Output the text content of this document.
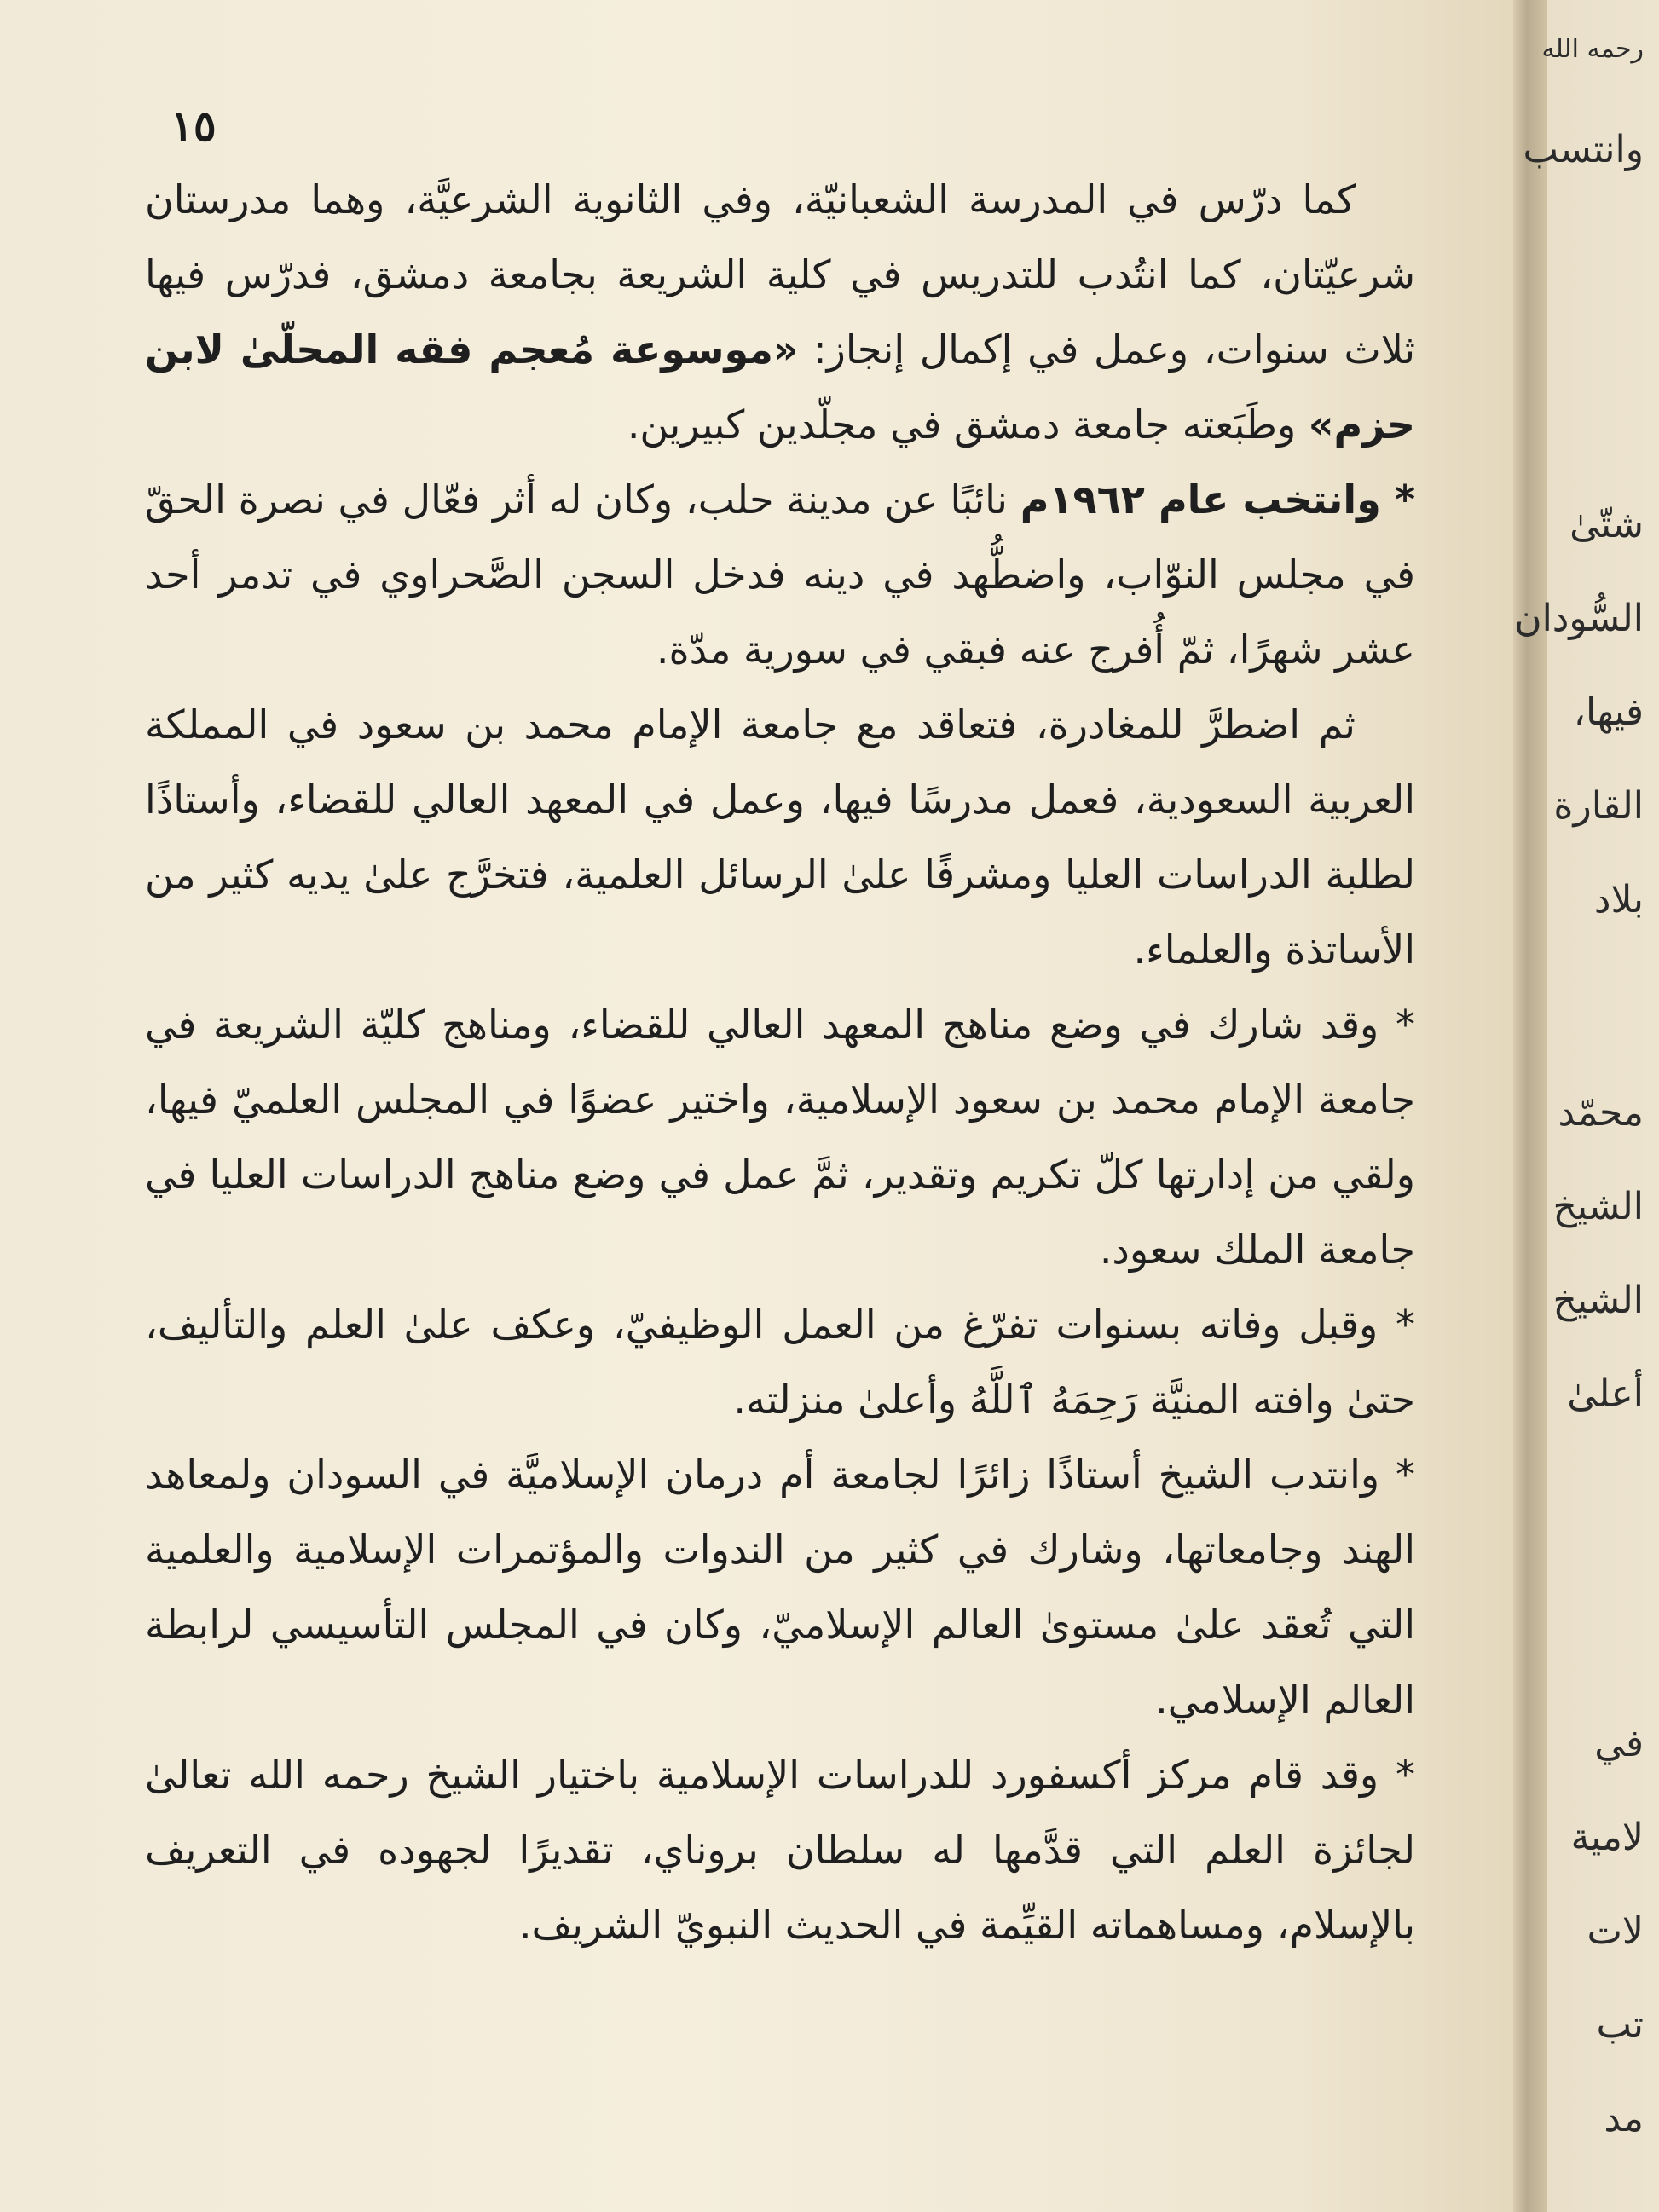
١٥

كما درّس في المدرسة الشعبانيّة، وفي الثانوية الشرعيَّة، وهما مدرستان شرعيّتان، كما انتُدب للتدريس في كلية الشريعة بجامعة دمشق، فدرّس فيها ثلاث سنوات، وعمل في إكمال إنجاز: «موسوعة مُعجم فقه المحلّىٰ لابن حزم» وطَبَعته جامعة دمشق في مجلّدين كبيرين.

* وانتخب عام ١٩٦٢م نائبًا عن مدينة حلب، وكان له أثر فعّال في نصرة الحقّ في مجلس النوّاب، واضطُّهد في دينه فدخل السجن الصَّحراوي في تدمر أحد عشر شهرًا، ثمّ أُفرج عنه فبقي في سورية مدّة.

ثم اضطرَّ للمغادرة، فتعاقد مع جامعة الإمام محمد بن سعود في المملكة العربية السعودية، فعمل مدرسًا فيها، وعمل في المعهد العالي للقضاء، وأستاذًا لطلبة الدراسات العليا ومشرفًا علىٰ الرسائل العلمية، فتخرَّج علىٰ يديه كثير من الأساتذة والعلماء.

* وقد شارك في وضع مناهج المعهد العالي للقضاء، ومناهج كليّة الشريعة في جامعة الإمام محمد بن سعود الإسلامية، واختير عضوًا في المجلس العلميّ فيها، ولقي من إدارتها كلّ تكريم وتقدير، ثمَّ عمل في وضع مناهج الدراسات العليا في جامعة الملك سعود.

* وقبل وفاته بسنوات تفرّغ من العمل الوظيفيّ، وعكف علىٰ العلم والتأليف، حتىٰ وافته المنيَّة رَحِمَهُ ٱللَّهُ وأعلىٰ منزلته.

* وانتدب الشيخ أستاذًا زائرًا لجامعة أم درمان الإسلاميَّة في السودان ولمعاهد الهند وجامعاتها، وشارك في كثير من الندوات والمؤتمرات الإسلامية والعلمية التي تُعقد علىٰ مستوىٰ العالم الإسلاميّ، وكان في المجلس التأسيسي لرابطة العالم الإسلامي.

* وقد قام مركز أكسفورد للدراسات الإسلامية باختيار الشيخ رحمه الله تعالىٰ لجائزة العلم التي قدَّمها له سلطان بروناي، تقديرًا لجهوده في التعريف بالإسلام، ومساهماته القيِّمة في الحديث النبويّ الشريف.

رحمه الله
وانتسب
شتّىٰ
السُّودان
فيها،
القارة
بلاد
محمّد
الشيخ
الشيخ
أعلىٰ
في
لامية
لات
تب
مد
